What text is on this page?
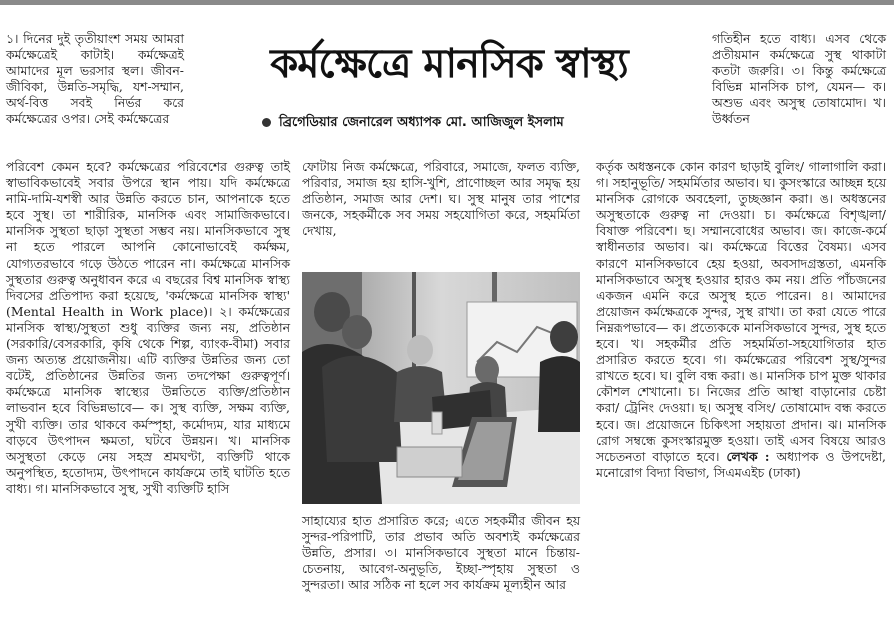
১। দিনের দুই তৃতীয়াংশ সময় আমরা কর্মক্ষেত্রেই কাটাই। কর্মক্ষেত্রই আমাদের মূল ভরসার স্থল। জীবন-জীবিকা, উন্নতি-সমৃদ্ধি, যশ-সম্মান, অর্থ-বিত্ত সবই নির্ভর করে কর্মক্ষেত্রের ওপর। সেই কর্মক্ষেত্রের

কর্মক্ষেত্রে মানসিক স্বাস্থ্য
ব্রিগেডিয়ার জেনারেল অধ্যাপক মো. আজিজুল ইসলাম

গতিহীন হতে বাধ্য। এসব থেকে প্রতীয়মান কর্মক্ষেত্রে সুস্থ থাকাটা কতটা জরুরি। ৩। কিন্তু কর্মক্ষেত্রে বিভিন্ন মানসিক চাপ, যেমন— ক। অশুভ এবং অসুস্থ তোষামোদ। খ। উর্ধ্বতন

পরিবেশ কেমন হবে? কর্মক্ষেত্রের পরিবেশের গুরুত্ব তাই স্বাভাবিকভাবেই সবার উপরে স্থান পায়। যদি কর্মক্ষেত্রে নামি-দামি-যশস্বী আর উন্নতি করতে চান, আপনাকে হতে হবে সুস্থ। তা শারীরিক, মানসিক এবং সামাজিকভাবে। মানসিক সুস্থতা ছাড়া সুস্থতা সম্ভব নয়। মানসিকভাবে সুস্থ না হতে পারলে আপনি কোনোভাবেই কর্মক্ষম, যোগ্যতরভাবে গড়ে উঠতে পারেন না। কর্মক্ষেত্রে মানসিক সুস্থতার গুরুত্ব অনুধাবন করে এ বছরের বিশ্ব মানসিক স্বাস্থ্য দিবসের প্রতিপাদ্য করা হয়েছে, 'কর্মক্ষেত্রে মানসিক স্বাস্থ্য' (Mental Health in Work place)। ২। কর্মক্ষেত্রের মানসিক স্বাস্থ্য/সুস্থতা শুধু ব্যক্তির জন্য নয়, প্রতিষ্ঠান (সরকারি/বেসরকারি, কৃষি থেকে শিল্প, ব্যাংক-বীমা) সবার জন্য অত্যন্ত প্রয়োজনীয়। এটি ব্যক্তির উন্নতির জন্য তো বটেই, প্রতিষ্ঠানের উন্নতির জন্য তদপেক্ষা গুরুত্বপূর্ণ। কর্মক্ষেত্রে মানসিক স্বাস্থ্যের উন্নতিতে ব্যক্তি/প্রতিষ্ঠান লাভবান হবে বিভিন্নভাবে— ক। সুস্থ ব্যক্তি, সক্ষম ব্যক্তি, সুখী ব্যক্তি। তার থাকবে কর্মস্পৃহা, কর্মোদ্যম, যার মাধ্যমে বাড়বে উৎপাদন ক্ষমতা, ঘটবে উন্নয়ন। খ। মানসিক অসুস্থতা কেড়ে নেয় সহস্র শ্রমঘণ্টা, ব্যক্তিটি থাকে অনুপস্থিত, হতোদ্যম, উৎপাদনে কার্যক্রমে তাই ঘাটতি হতে বাধ্য। গ। মানসিকভাবে সুস্থ, সুখী ব্যক্তিটি হাসি

ফোটায় নিজ কর্মক্ষেত্রে, পরিবারে, সমাজে, ফলত ব্যক্তি, পরিবার, সমাজ হয় হাসি-খুশি, প্রাণোচ্ছল আর সমৃদ্ধ হয় প্রতিষ্ঠান, সমাজ আর দেশ। ঘ। সুস্থ মানুষ তার পাশের জনকে, সহকর্মীকে সব সময় সহযোগিতা করে, সহমর্মিতা দেখায়,

সাহায্যের হাত প্রসারিত করে; এতে সহকর্মীর জীবন হয় সুন্দর-পরিপাটি, তার প্রভাব অতি অবশ্যই কর্মক্ষেত্রের উন্নতি, প্রসার। ৩। মানসিকভাবে সুস্থতা মানে চিন্তায়-চেতনায়, আবেগ-অনুভূতি, ইচ্ছা-স্পৃহায় সুস্থতা ও সুন্দরতা। আর সঠিক না হলে সব কার্যক্রম মূল্যহীন আর

কর্তৃক অধস্তনকে কোন কারণ ছাড়াই বুলিং/ গালাগালি করা। গ। সহানুভূতি/ সহমর্মিতার অভাব। ঘ। কুসংস্কারে আচ্ছন্ন হয়ে মানসিক রোগকে অবহেলা, তুচ্ছজ্ঞান করা। ঙ। অধস্তনের অসুস্থতাকে গুরুত্ব না দেওয়া। চ। কর্মক্ষেত্রে বিশৃঙ্খলা/ বিষাক্ত পরিবেশ। ছ। সম্মানবোধের অভাব। জ। কাজে-কর্মে স্বাধীনতার অভাব। ঝ। কর্মক্ষেত্রে বিত্তের বৈষম্য। এসব কারণে মানসিকভাবে হেয় হওয়া, অবসাদগ্রস্ততা, এমনকি মানসিকভাবে অসুস্থ হওয়ার হারও কম নয়। প্রতি পাঁচজনের একজন এমনি করে অসুস্থ হতে পারেন। ৪। আমাদের প্রয়োজন কর্মক্ষেত্রকে সুন্দর, সুস্থ রাখা। তা করা যেতে পারে নিম্নরূপভাবে— ক। প্রত্যেককে মানসিকভাবে সুন্দর, সুস্থ হতে হবে। খ। সহকর্মীর প্রতি সহমর্মিতা-সহযোগিতার হাত প্রসারিত করতে হবে। গ। কর্মক্ষেত্রের পরিবেশ সুস্থ/সুন্দর রাখতে হবে। ঘ। বুলি বন্ধ করা। ঙ। মানসিক চাপ মুক্ত থাকার কৌশল শেখানো। চ। নিজের প্রতি আস্থা বাড়ানোর চেষ্টা করা/ ট্রেনিং দেওয়া। ছ। অসুস্থ বসিং/ তোষামোদ বন্ধ করতে হবে। জ। প্রয়োজনে চিকিৎসা সহায়তা প্রদান। ঝ। মানসিক রোগ সম্বন্ধে কুসংস্কারমুক্ত হওয়া। তাই এসব বিষয়ে আরও সচেতনতা বাড়াতে হবে। লেখক : অধ্যাপক ও উপদেষ্টা, মনোরোগ বিদ্যা বিভাগ, সিএমএইচ (ঢাকা)
